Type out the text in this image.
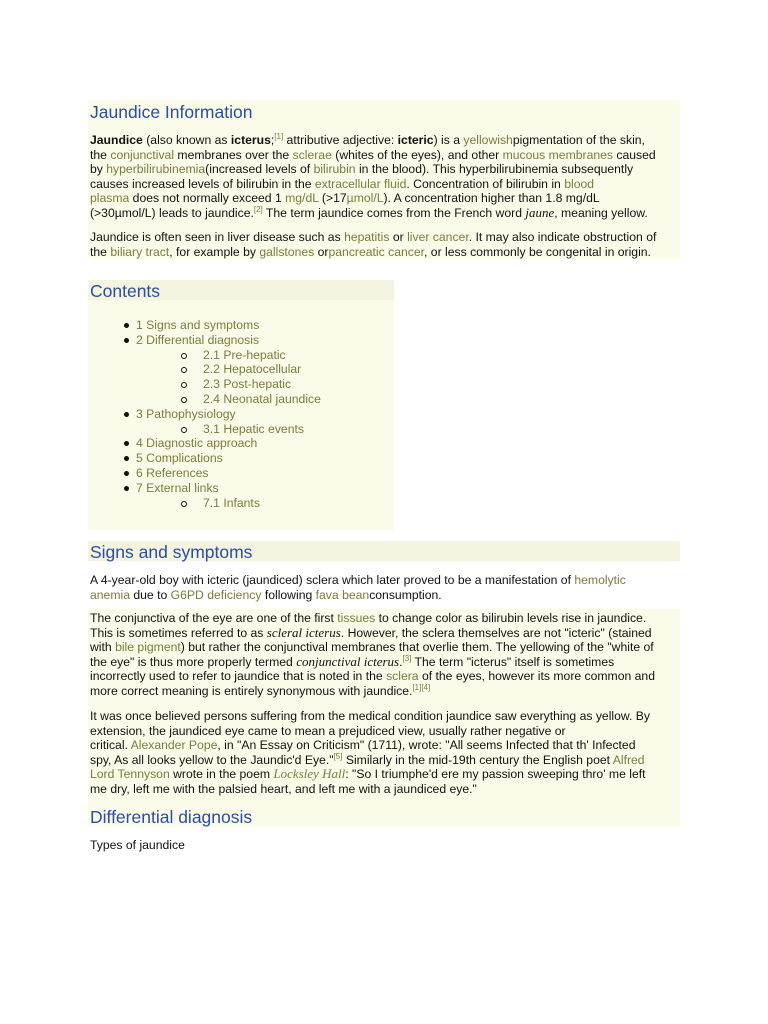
Jaundice Information
Jaundice (also known as icterus;[1] attributive adjective: icteric) is a yellowishpigmentation of the skin,
the conjunctival membranes over the sclerae (whites of the eyes), and other mucous membranes caused
by hyperbilirubinemia(increased levels of bilirubin in the blood). This hyperbilirubinemia subsequently
causes increased levels of bilirubin in the extracellular fluid. Concentration of bilirubin in blood
plasma does not normally exceed 1 mg/dL (>17µmol/L). A concentration higher than 1.8 mg/dL
(>30µmol/L) leads to jaundice.[2] The term jaundice comes from the French word jaune, meaning yellow.
Jaundice is often seen in liver disease such as hepatitis or liver cancer. It may also indicate obstruction of
the biliary tract, for example by gallstones orpancreatic cancer, or less commonly be congenital in origin.
Contents
1 Signs and symptoms
2 Differential diagnosis
2.1 Pre-hepatic
2.2 Hepatocellular
2.3 Post-hepatic
2.4 Neonatal jaundice
3 Pathophysiology
3.1 Hepatic events
4 Diagnostic approach
5 Complications
6 References
7 External links
7.1 Infants
Signs and symptoms
A 4-year-old boy with icteric (jaundiced) sclera which later proved to be a manifestation of hemolytic
anemia due to G6PD deficiency following fava beanconsumption.
The conjunctiva of the eye are one of the first tissues to change color as bilirubin levels rise in jaundice.
This is sometimes referred to as scleral icterus. However, the sclera themselves are not "icteric" (stained
with bile pigment) but rather the conjunctival membranes that overlie them. The yellowing of the "white of
the eye" is thus more properly termed conjunctival icterus.[3] The term "icterus" itself is sometimes
incorrectly used to refer to jaundice that is noted in the sclera of the eyes, however its more common and
more correct meaning is entirely synonymous with jaundice.[1][4]
It was once believed persons suffering from the medical condition jaundice saw everything as yellow. By
extension, the jaundiced eye came to mean a prejudiced view, usually rather negative or
critical. Alexander Pope, in "An Essay on Criticism" (1711), wrote: "All seems Infected that th' Infected
spy, As all looks yellow to the Jaundic'd Eye."[5] Similarly in the mid-19th century the English poet Alfred
Lord Tennyson wrote in the poem Locksley Hall: "So I triumphe'd ere my passion sweeping thro' me left
me dry, left me with the palsied heart, and left me with a jaundiced eye."
Differential diagnosis
Types of jaundice
